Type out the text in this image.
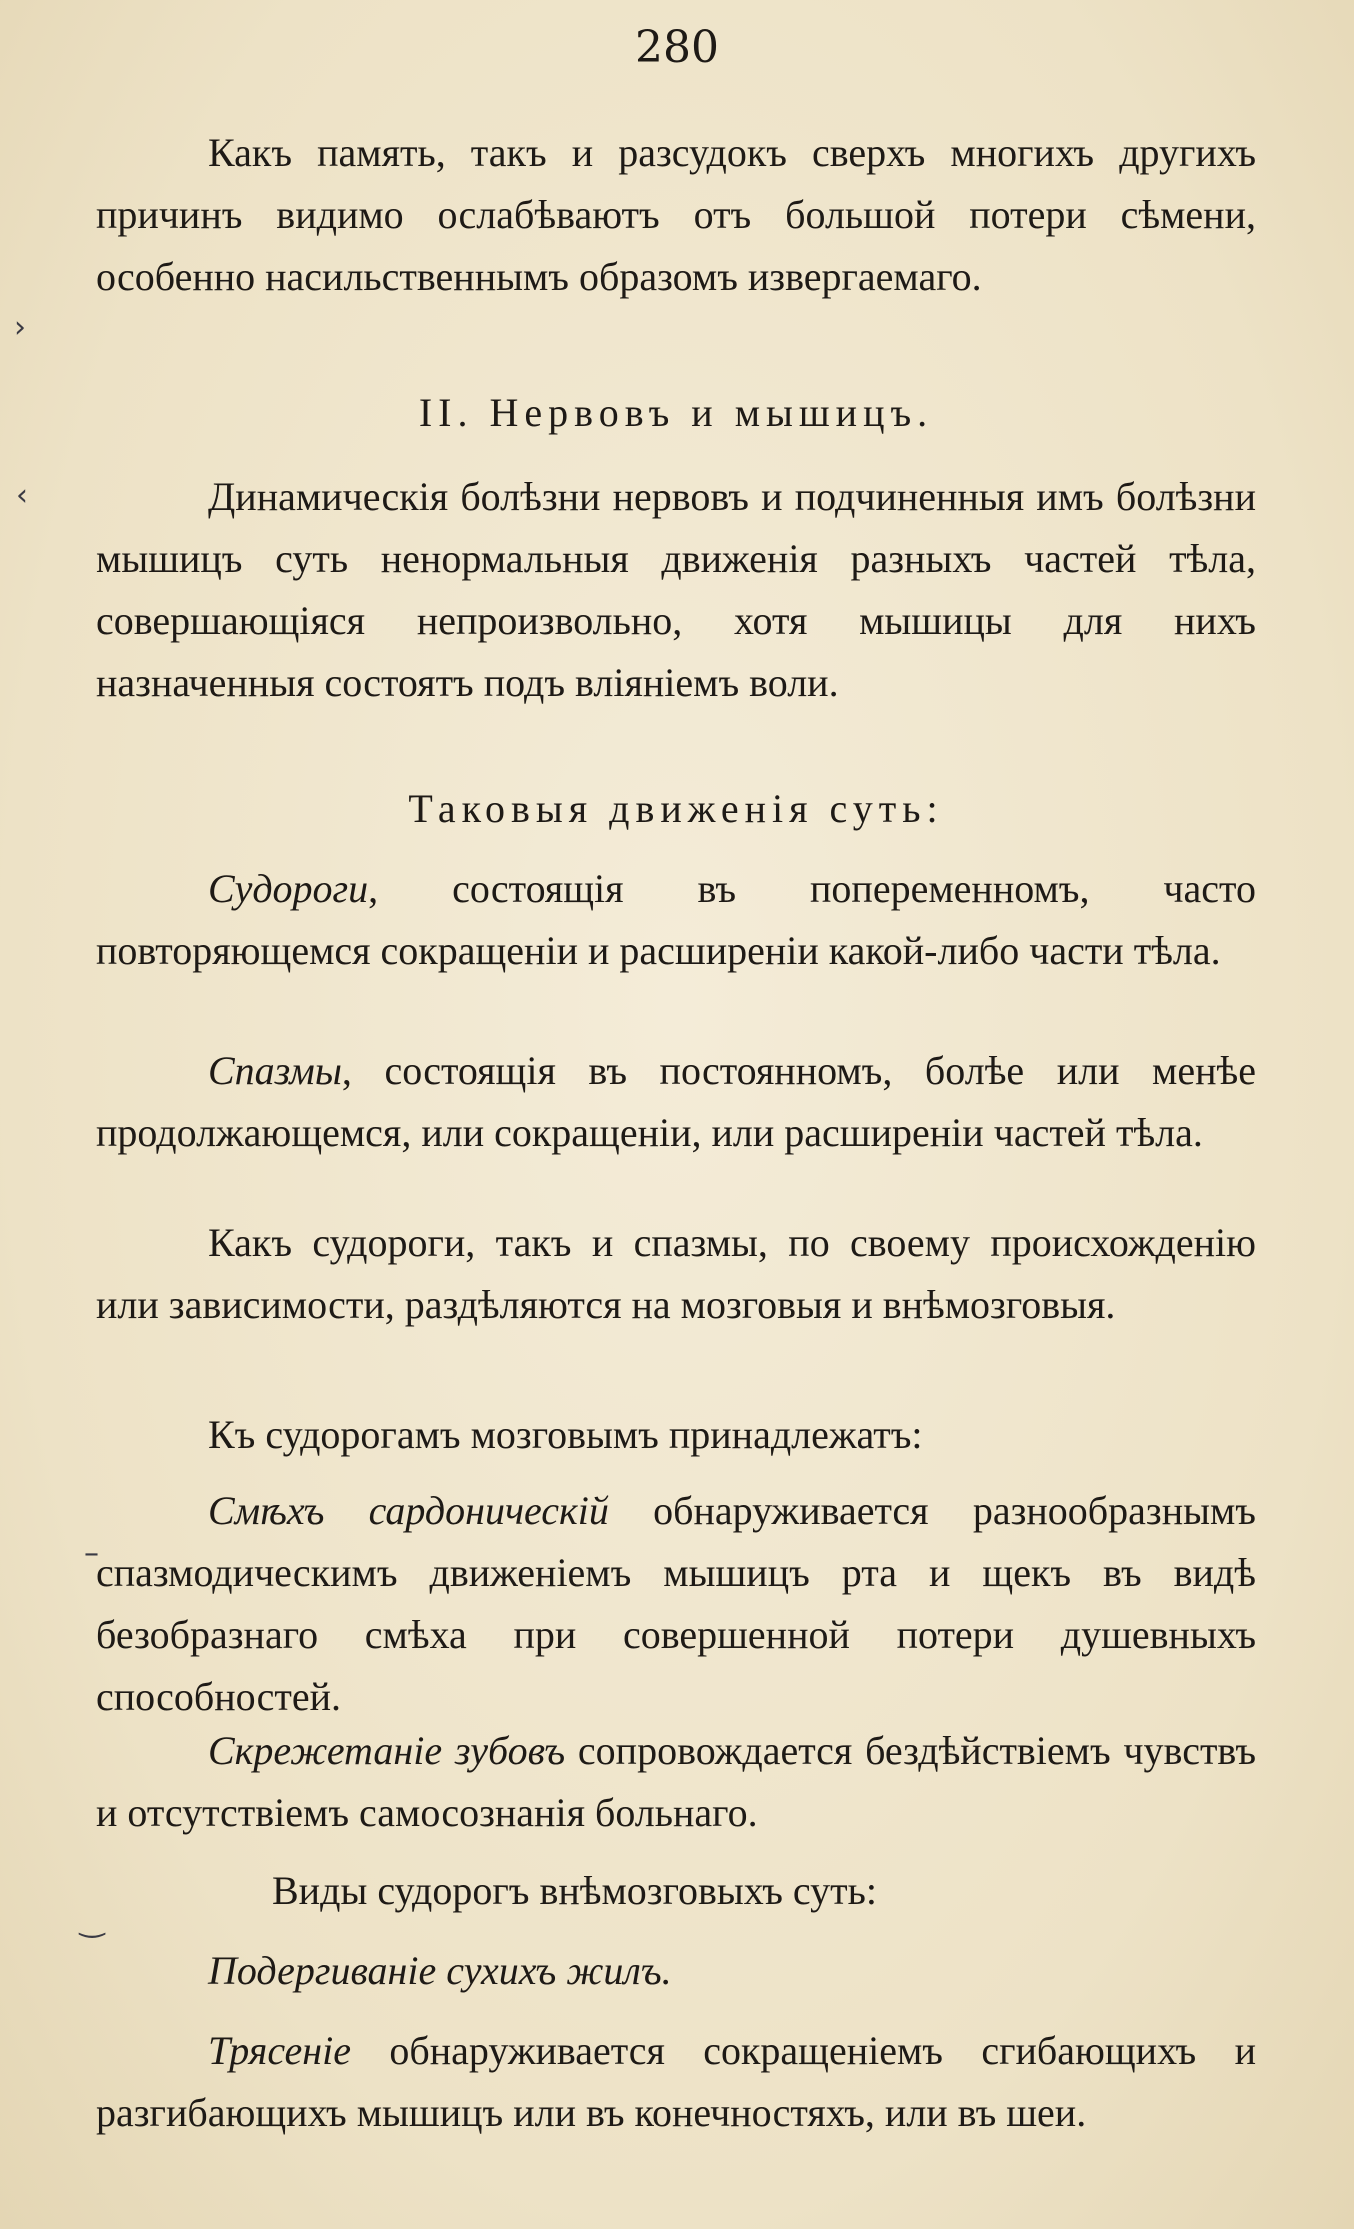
280

Какъ память, такъ и разсудокъ сверхъ многихъ другихъ причинъ видимо ослабѣваютъ отъ большой потери сѣмени, особенно насильственнымъ образомъ извергаемаго.

II. Нервовъ и мышицъ.

Динамическія болѣзни нервовъ и подчиненныя имъ болѣзни мышицъ суть ненормальныя движенія разныхъ частей тѣла, совершающіяся непроизвольно, хотя мышицы для нихъ назначенныя состоятъ подъ вліяніемъ воли.

Таковыя движенія суть:

Судороги, состоящія въ попеременномъ, часто повторяющемся сокращеніи и расширеніи какой-либо части тѣла.

Спазмы, состоящія въ постоянномъ, болѣе или менѣе продолжающемся, или сокращеніи, или расширеніи частей тѣла.

Какъ судороги, такъ и спазмы, по своему происхожденію или зависимости, раздѣляются на мозговыя и внѣмозговыя.

Къ судорогамъ мозговымъ принадлежатъ:

Смѣхъ сардоническій обнаруживается разнообразнымъ спазмодическимъ движеніемъ мышицъ рта и щекъ въ видѣ безобразнаго смѣха при совершенной потери душевныхъ способностей.

Скрежетаніе зубовъ сопровождается бездѣйствіемъ чувствъ и отсутствіемъ самосознанія больнаго.

Виды судорогъ внѣмозговыхъ суть:

Подергиваніе сухихъ жилъ.

Трясеніе обнаруживается сокращеніемъ сгибающихъ и разгибающихъ мышицъ или въ конечностяхъ, или въ шеи.

›
‹
–
‿
